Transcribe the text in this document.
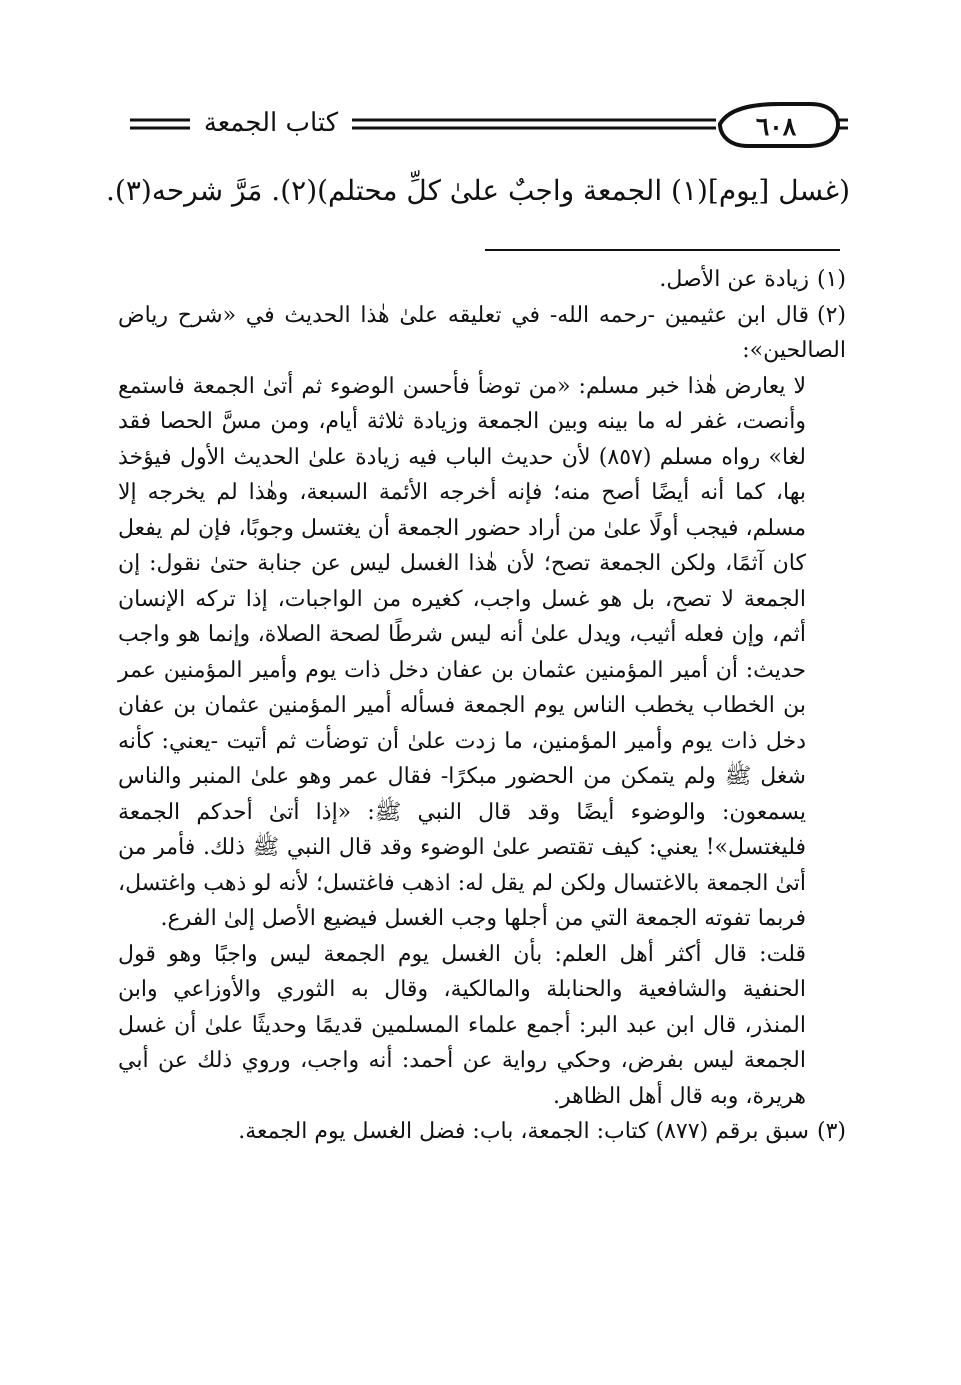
٦٠٨
كتاب الجمعة
(غسل [يوم](١) الجمعة واجبٌ علىٰ كلِّ محتلم)(٢). مَرَّ شرحه(٣).
(١)زيادة عن الأصل.
(٢)قال ابن عثيمين -رحمه الله- في تعليقه علىٰ هٰذا الحديث في «شرح رياض الصالحين»:
لا يعارض هٰذا خبر مسلم: «من توضأ فأحسن الوضوء ثم أتىٰ الجمعة فاستمع وأنصت، غفر له ما بينه وبين الجمعة وزيادة ثلاثة أيام، ومن مسَّ الحصا فقد لغا» رواه مسلم (٨٥٧) لأن حديث الباب فيه زيادة علىٰ الحديث الأول فيؤخذ بها، كما أنه أيضًا أصح منه؛ فإنه أخرجه الأئمة السبعة، وهٰذا لم يخرجه إلا مسلم، فيجب أولًا علىٰ من أراد حضور الجمعة أن يغتسل وجوبًا، فإن لم يفعل كان آثمًا، ولكن الجمعة تصح؛ لأن هٰذا الغسل ليس عن جنابة حتىٰ نقول: إن الجمعة لا تصح، بل هو غسل واجب، كغيره من الواجبات، إذا تركه الإنسان أثم، وإن فعله أثيب، ويدل علىٰ أنه ليس شرطًا لصحة الصلاة، وإنما هو واجب حديث: أن أمير المؤمنين عثمان بن عفان دخل ذات يوم وأمير المؤمنين عمر بن الخطاب يخطب الناس يوم الجمعة فسأله أمير المؤمنين عثمان بن عفان دخل ذات يوم وأمير المؤمنين، ما زدت علىٰ أن توضأت ثم أتيت -يعني: كأنه شغل ﷺ ولم يتمكن من الحضور مبكرًا- فقال عمر وهو علىٰ المنبر والناس يسمعون: والوضوء أيضًا وقد قال النبي ﷺ: «إذا أتىٰ أحدكم الجمعة فليغتسل»! يعني: كيف تقتصر علىٰ الوضوء وقد قال النبي ﷺ ذلك. فأمر من أتىٰ الجمعة بالاغتسال ولكن لم يقل له: اذهب فاغتسل؛ لأنه لو ذهب واغتسل، فربما تفوته الجمعة التي من أجلها وجب الغسل فيضيع الأصل إلىٰ الفرع.
قلت: قال أكثر أهل العلم: بأن الغسل يوم الجمعة ليس واجبًا وهو قول الحنفية والشافعية والحنابلة والمالكية، وقال به الثوري والأوزاعي وابن المنذر، قال ابن عبد البر: أجمع علماء المسلمين قديمًا وحديثًا علىٰ أن غسل الجمعة ليس بفرض، وحكي رواية عن أحمد: أنه واجب، وروي ذلك عن أبي هريرة، وبه قال أهل الظاهر.
(٣)سبق برقم (٨٧٧) كتاب: الجمعة، باب: فضل الغسل يوم الجمعة.
